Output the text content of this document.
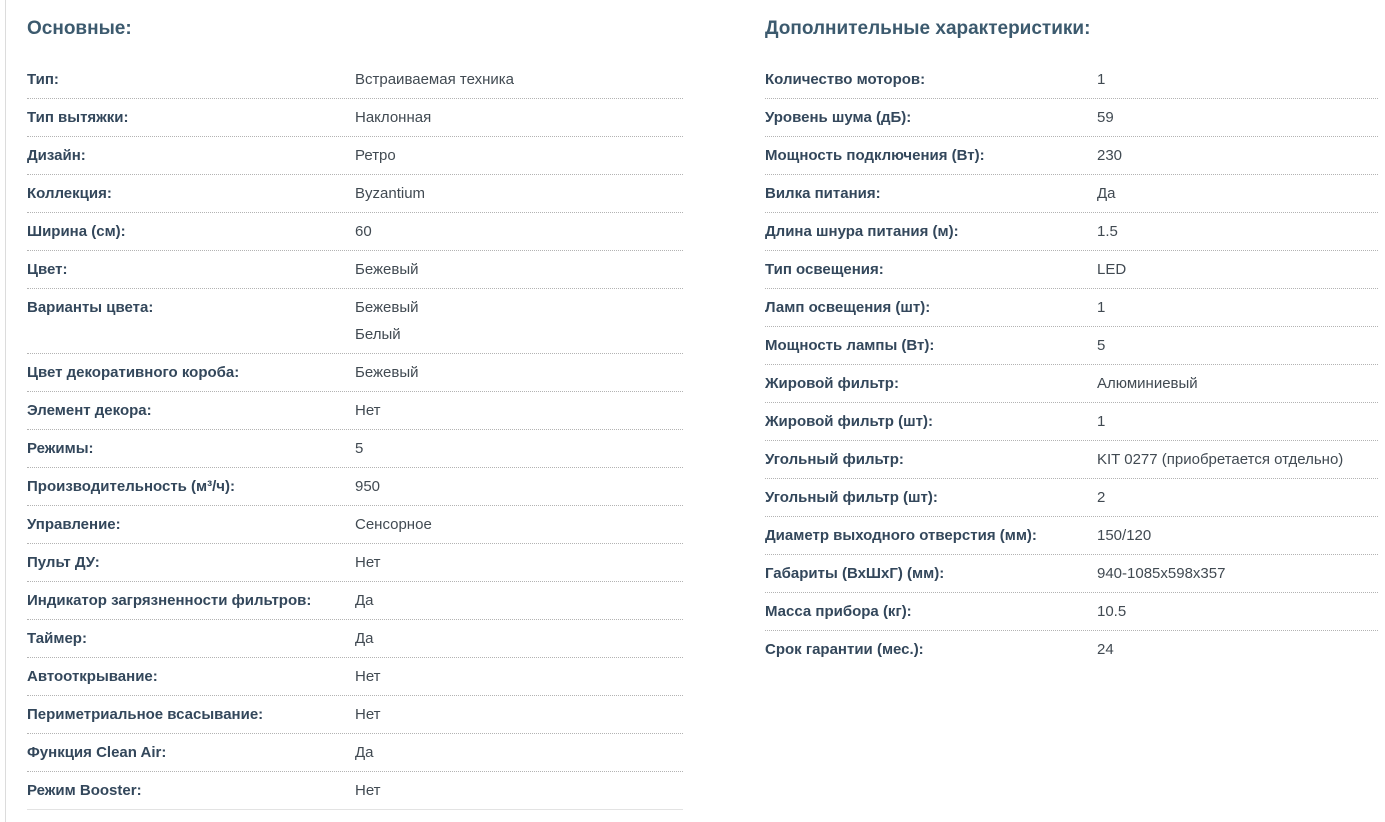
Основные:
Тип:	Встраиваемая техника
Тип вытяжки:	Наклонная
Дизайн:	Ретро
Коллекция:	Byzantium
Ширина (см):	60
Цвет:	Бежевый
Варианты цвета:	Бежевый
Белый
Цвет декоративного короба:	Бежевый
Элемент декора:	Нет
Режимы:	5
Производительность (м³/ч):	950
Управление:	Сенсорное
Пульт ДУ:	Нет
Индикатор загрязненности фильтров:	Да
Таймер:	Да
Автооткрывание:	Нет
Периметриальное всасывание:	Нет
Функция Clean Air:	Да
Режим Booster:	Нет
Дополнительные характеристики:
Количество моторов:	1
Уровень шума (дБ):	59
Мощность подключения (Вт):	230
Вилка питания:	Да
Длина шнура питания (м):	1.5
Тип освещения:	LED
Ламп освещения (шт):	1
Мощность лампы (Вт):	5
Жировой фильтр:	Алюминиевый
Жировой фильтр (шт):	1
Угольный фильтр:	KIT 0277 (приобретается отдельно)
Угольный фильтр (шт):	2
Диаметр выходного отверстия (мм):	150/120
Габариты (ВхШхГ) (мм):	940-1085x598x357
Масса прибора (кг):	10.5
Срок гарантии (мес.):	24
